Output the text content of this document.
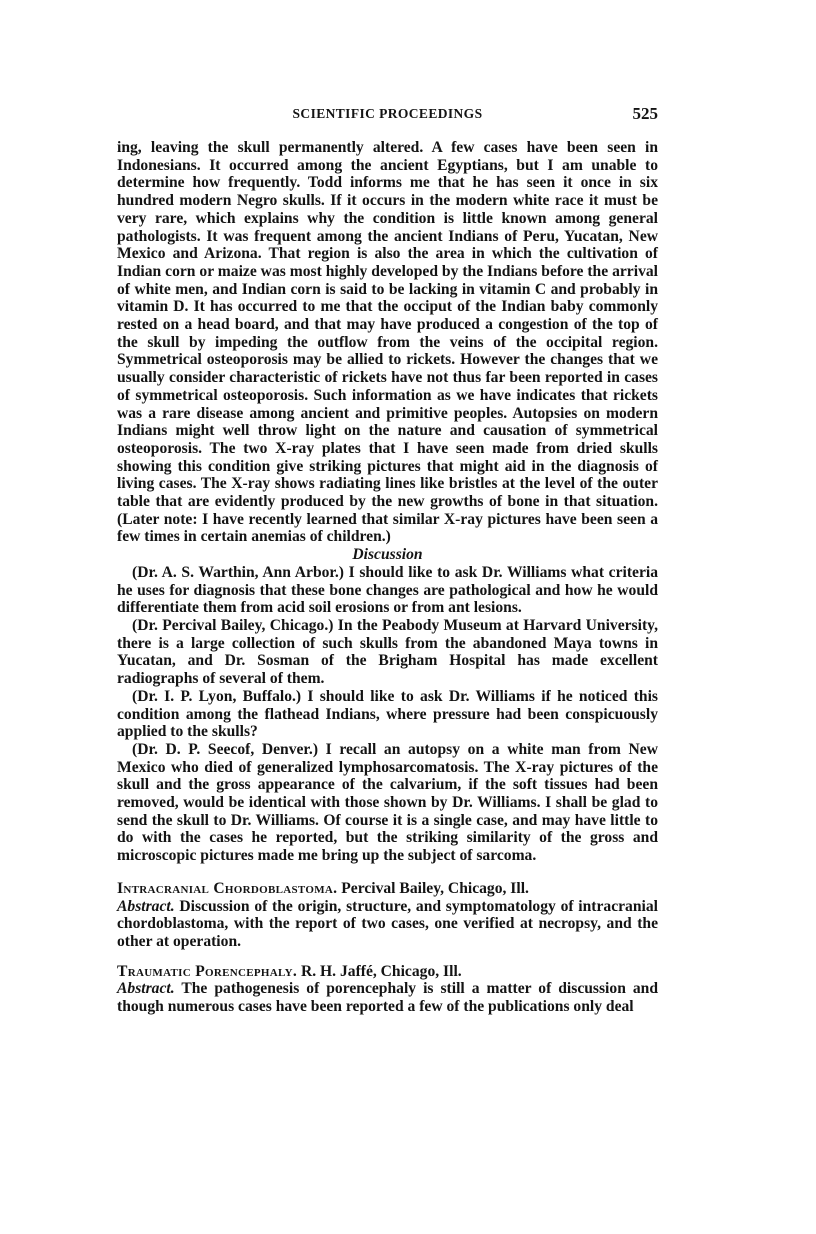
SCIENTIFIC PROCEEDINGS	525

ing, leaving the skull permanently altered. A few cases have been seen in Indonesians. It occurred among the ancient Egyptians, but I am unable to determine how frequently. Todd informs me that he has seen it once in six hundred modern Negro skulls. If it occurs in the modern white race it must be very rare, which explains why the condition is little known among general pathologists. It was frequent among the ancient Indians of Peru, Yucatan, New Mexico and Arizona. That region is also the area in which the cultivation of Indian corn or maize was most highly developed by the Indians before the arrival of white men, and Indian corn is said to be lacking in vitamin C and probably in vitamin D. It has occurred to me that the occiput of the Indian baby commonly rested on a head board, and that may have produced a congestion of the top of the skull by impeding the outflow from the veins of the occipital region. Symmetrical osteoporosis may be allied to rickets. However the changes that we usually consider characteristic of rickets have not thus far been reported in cases of symmetrical osteoporosis. Such information as we have indicates that rickets was a rare disease among ancient and primitive peoples. Autopsies on modern Indians might well throw light on the nature and causation of symmetrical osteoporosis. The two X-ray plates that I have seen made from dried skulls showing this condition give striking pictures that might aid in the diagnosis of living cases. The X-ray shows radiating lines like bristles at the level of the outer table that are evidently produced by the new growths of bone in that situation. (Later note: I have recently learned that similar X-ray pictures have been seen a few times in certain anemias of children.)

Discussion

(Dr. A. S. Warthin, Ann Arbor.) I should like to ask Dr. Williams what criteria he uses for diagnosis that these bone changes are pathological and how he would differentiate them from acid soil erosions or from ant lesions.

(Dr. Percival Bailey, Chicago.) In the Peabody Museum at Harvard University, there is a large collection of such skulls from the abandoned Maya towns in Yucatan, and Dr. Sosman of the Brigham Hospital has made excellent radiographs of several of them.

(Dr. I. P. Lyon, Buffalo.) I should like to ask Dr. Williams if he noticed this condition among the flathead Indians, where pressure had been conspicuously applied to the skulls?

(Dr. D. P. Seecof, Denver.) I recall an autopsy on a white man from New Mexico who died of generalized lymphosarcomatosis. The X-ray pictures of the skull and the gross appearance of the calvarium, if the soft tissues had been removed, would be identical with those shown by Dr. Williams. I shall be glad to send the skull to Dr. Williams. Of course it is a single case, and may have little to do with the cases he reported, but the striking similarity of the gross and microscopic pictures made me bring up the subject of sarcoma.

Intracranial Chordoblastoma. Percival Bailey, Chicago, Ill.

Abstract. Discussion of the origin, structure, and symptomatology of intracranial chordoblastoma, with the report of two cases, one verified at necropsy, and the other at operation.

Traumatic Porencephaly. R. H. Jaffé, Chicago, Ill.

Abstract. The pathogenesis of porencephaly is still a matter of discussion and though numerous cases have been reported a few of the publications only deal
